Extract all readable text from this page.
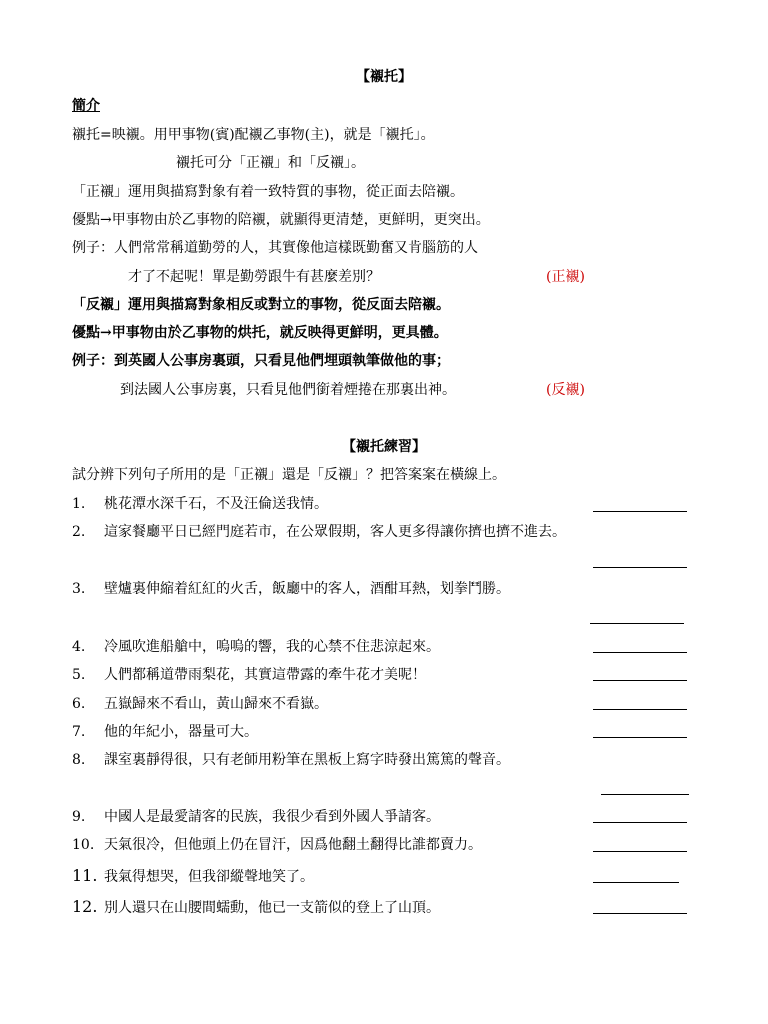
【襯托】
簡介
襯托=映襯。用甲事物(賓)配襯乙事物(主)，就是「襯托」。
襯托可分「正襯」和「反襯」。
「正襯」運用與描寫對象有着一致特質的事物，從正面去陪襯。
優點→甲事物由於乙事物的陪襯，就顯得更清楚，更鮮明，更突出。
例子：人們常常稱道勤勞的人，其實像他這樣既勤奮又肯腦筋的人
才了不起呢！單是勤勞跟牛有甚麼差別？	(正襯)
「反襯」運用與描寫對象相反或對立的事物，從反面去陪襯。
優點→甲事物由於乙事物的烘托，就反映得更鮮明，更具體。
例子：到英國人公事房裏頭，只看見他們埋頭執筆做他的事；
到法國人公事房裏，只看見他們銜着煙捲在那裏出神。	(反襯)
【襯托練習】
試分辨下列句子所用的是「正襯」還是「反襯」？把答案案在橫線上。
1. 桃花潭水深千石，不及汪倫送我情。
2. 這家餐廳平日已經門庭若市，在公眾假期，客人更多得讓你擠也擠不進去。
3. 壁爐裏伸縮着紅紅的火舌，飯廳中的客人，酒酣耳熱，划拳鬥勝。
4. 冷風吹進船艙中，嗚嗚的響，我的心禁不住悲涼起來。
5. 人們都稱道帶雨梨花，其實這帶露的牽牛花才美呢！
6. 五嶽歸來不看山，黃山歸來不看嶽。
7. 他的年紀小，器量可大。
8. 課室裏靜得很，只有老師用粉筆在黑板上寫字時發出篤篤的聲音。
9. 中國人是最愛請客的民族，我很少看到外國人爭請客。
10. 天氣很冷，但他頭上仍在冒汗，因爲他翻土翻得比誰都賣力。
11. 我氣得想哭，但我卻縱聲地笑了。
12. 別人還只在山腰間蠕動，他已一支箭似的登上了山頂。
